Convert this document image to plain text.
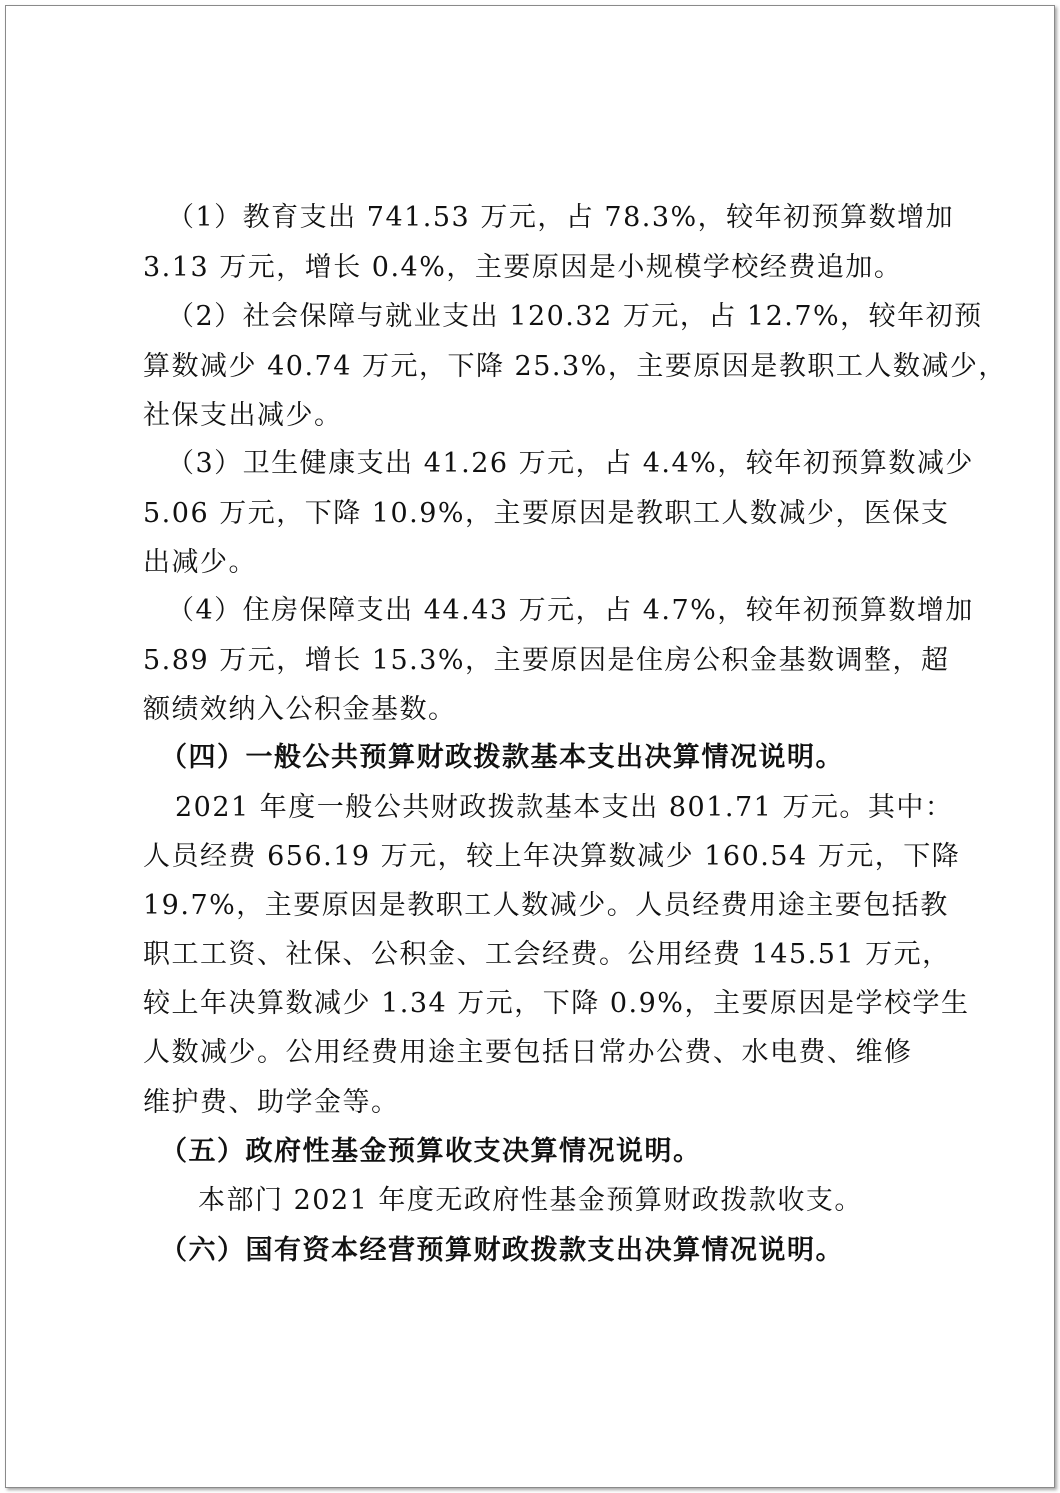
（1）教育支出 741.53 万元，占 78.3%，较年初预算数增加
3.13 万元，增长 0.4%，主要原因是小规模学校经费追加。
（2）社会保障与就业支出 120.32 万元，占 12.7%，较年初预
算数减少 40.74 万元，下降 25.3%，主要原因是教职工人数减少，
社保支出减少。
（3）卫生健康支出 41.26 万元，占 4.4%，较年初预算数减少
5.06 万元，下降 10.9%，主要原因是教职工人数减少，医保支
出减少。
（4）住房保障支出 44.43 万元，占 4.7%，较年初预算数增加
5.89 万元，增长 15.3%，主要原因是住房公积金基数调整，超
额绩效纳入公积金基数。
（四）一般公共预算财政拨款基本支出决算情况说明。
2021 年度一般公共财政拨款基本支出 801.71 万元。其中：
人员经费 656.19 万元，较上年决算数减少 160.54 万元，下降
19.7%，主要原因是教职工人数减少。人员经费用途主要包括教
职工工资、社保、公积金、工会经费。公用经费 145.51 万元，
较上年决算数减少 1.34 万元，下降 0.9%，主要原因是学校学生
人数减少。公用经费用途主要包括日常办公费、水电费、维修
维护费、助学金等。
（五）政府性基金预算收支决算情况说明。
本部门 2021 年度无政府性基金预算财政拨款收支。
（六）国有资本经营预算财政拨款支出决算情况说明。
